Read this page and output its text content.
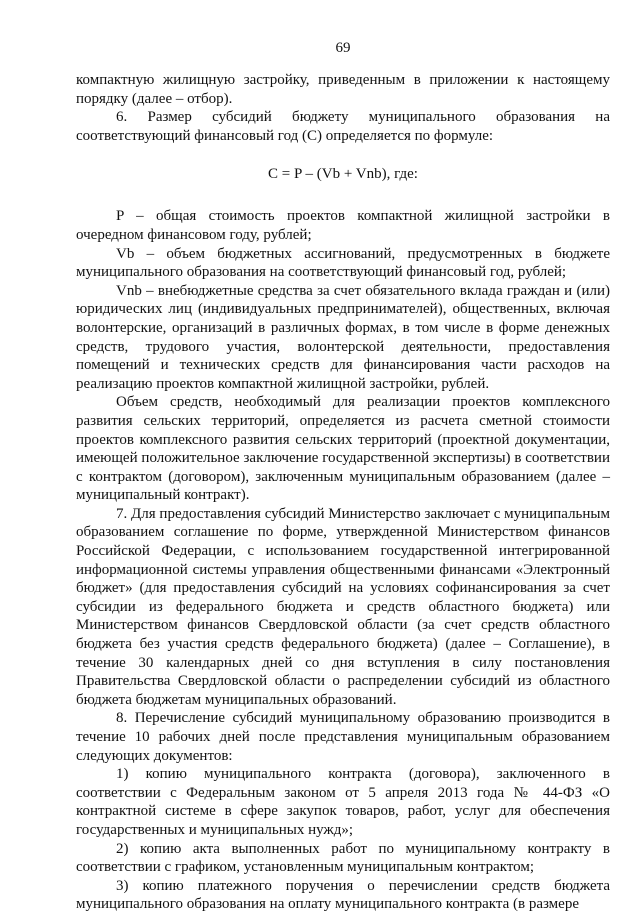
69

компактную жилищную застройку, приведенным в приложении к настоящему порядку (далее – отбор).

6. Размер субсидий бюджету муниципального образования на соответствующий финансовый год (С) определяется по формуле:

C = P – (Vb + Vnb), где:

P – общая стоимость проектов компактной жилищной застройки в очередном финансовом году, рублей;

Vb – объем бюджетных ассигнований, предусмотренных в бюджете муниципального образования на соответствующий финансовый год, рублей;

Vnb – внебюджетные средства за счет обязательного вклада граждан и (или) юридических лиц (индивидуальных предпринимателей), общественных, включая волонтерские, организаций в различных формах, в том числе в форме денежных средств, трудового участия, волонтерской деятельности, предоставления помещений и технических средств для финансирования части расходов на реализацию проектов компактной жилищной застройки, рублей.

Объем средств, необходимый для реализации проектов комплексного развития сельских территорий, определяется из расчета сметной стоимости проектов комплексного развития сельских территорий (проектной документации, имеющей положительное заключение государственной экспертизы) в соответствии с контрактом (договором), заключенным муниципальным образованием (далее – муниципальный контракт).

7. Для предоставления субсидий Министерство заключает с муниципальным образованием соглашение по форме, утвержденной Министерством финансов Российской Федерации, с использованием государственной интегрированной информационной системы управления общественными финансами «Электронный бюджет» (для предоставления субсидий на условиях софинансирования за счет субсидии из федерального бюджета и средств областного бюджета) или Министерством финансов Свердловской области (за счет средств областного бюджета без участия средств федерального бюджета) (далее – Соглашение), в течение 30 календарных дней со дня вступления в силу постановления Правительства Свердловской области о распределении субсидий из областного бюджета бюджетам муниципальных образований.

8. Перечисление субсидий муниципальному образованию производится в течение 10 рабочих дней после представления муниципальным образованием следующих документов:

1) копию муниципального контракта (договора), заключенного в соответствии с Федеральным законом от 5 апреля 2013 года № 44-ФЗ «О контрактной системе в сфере закупок товаров, работ, услуг для обеспечения государственных и муниципальных нужд»;

2) копию акта выполненных работ по муниципальному контракту в соответствии с графиком, установленным муниципальным контрактом;

3) копию платежного поручения о перечислении средств бюджета муниципального образования на оплату муниципального контракта (в размере
